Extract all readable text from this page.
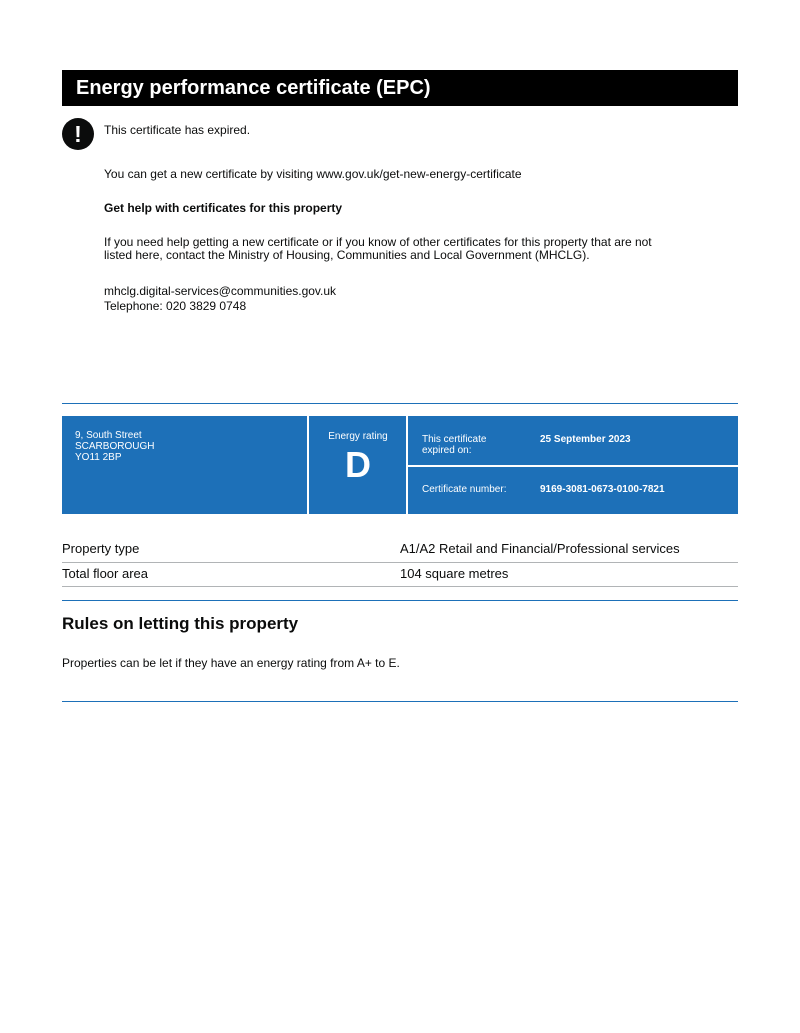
Energy performance certificate (EPC)
!	This certificate has expired.

You can get a new certificate by visiting www.gov.uk/get-new-energy-certificate

Get help with certificates for this property

If you need help getting a new certificate or if you know of other certificates for this property that are not

listed here, contact the Ministry of Housing, Communities and Local Government (MHCLG).

mhclg.digital-services@communities.gov.uk

Telephone: 020 3829 0748

9, South Street
SCARBOROUGH
YO11 2BP
Energy rating
D
This certificate
expired on:
25 September 2023
Certificate number:	9169-3081-0673-0100-7821
Property type	A1/A2 Retail and Financial/Professional services
Total floor area	104 square metres
Rules on letting this property

Properties can be let if they have an energy rating from A+ to E.
